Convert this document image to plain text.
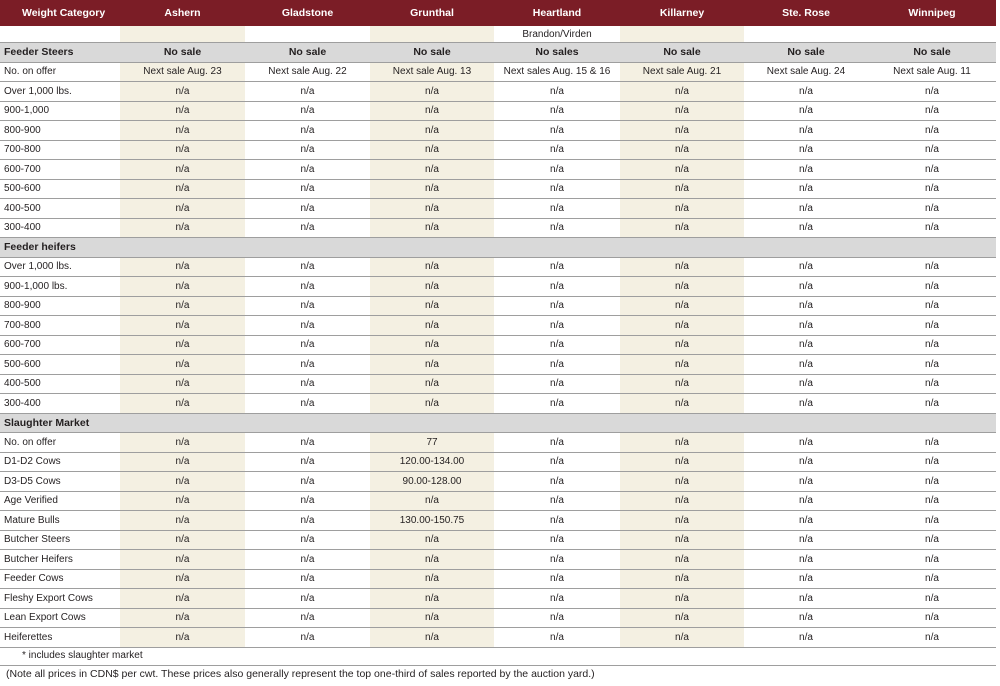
Weight Category	Ashern	Gladstone	Grunthal	Heartland	Killarney	Ste. Rose	Winnipeg
				Brandon/Virden			
Feeder Steers	No sale	No sale	No sale	No sales	No sale	No sale	No sale
No. on offer	Next sale Aug. 23	Next sale Aug. 22	Next sale Aug. 13	Next sales Aug. 15 & 16	Next sale Aug. 21	Next sale Aug. 24	Next sale Aug. 11
Over 1,000 lbs.	n/a	n/a	n/a	n/a	n/a	n/a	n/a
900-1,000	n/a	n/a	n/a	n/a	n/a	n/a	n/a
800-900	n/a	n/a	n/a	n/a	n/a	n/a	n/a
700-800	n/a	n/a	n/a	n/a	n/a	n/a	n/a
600-700	n/a	n/a	n/a	n/a	n/a	n/a	n/a
500-600	n/a	n/a	n/a	n/a	n/a	n/a	n/a
400-500	n/a	n/a	n/a	n/a	n/a	n/a	n/a
300-400	n/a	n/a	n/a	n/a	n/a	n/a	n/a
Feeder heifers							
Over 1,000 lbs.	n/a	n/a	n/a	n/a	n/a	n/a	n/a
900-1,000 lbs.	n/a	n/a	n/a	n/a	n/a	n/a	n/a
800-900	n/a	n/a	n/a	n/a	n/a	n/a	n/a
700-800	n/a	n/a	n/a	n/a	n/a	n/a	n/a
600-700	n/a	n/a	n/a	n/a	n/a	n/a	n/a
500-600	n/a	n/a	n/a	n/a	n/a	n/a	n/a
400-500	n/a	n/a	n/a	n/a	n/a	n/a	n/a
300-400	n/a	n/a	n/a	n/a	n/a	n/a	n/a
Slaughter Market							
No. on offer	n/a	n/a	77	n/a	n/a	n/a	n/a
D1-D2 Cows	n/a	n/a	120.00-134.00	n/a	n/a	n/a	n/a
D3-D5 Cows	n/a	n/a	90.00-128.00	n/a	n/a	n/a	n/a
Age Verified	n/a	n/a	n/a	n/a	n/a	n/a	n/a
Mature Bulls	n/a	n/a	130.00-150.75	n/a	n/a	n/a	n/a
Butcher Steers	n/a	n/a	n/a	n/a	n/a	n/a	n/a
Butcher Heifers	n/a	n/a	n/a	n/a	n/a	n/a	n/a
Feeder Cows	n/a	n/a	n/a	n/a	n/a	n/a	n/a
Fleshy Export Cows	n/a	n/a	n/a	n/a	n/a	n/a	n/a
Lean Export Cows	n/a	n/a	n/a	n/a	n/a	n/a	n/a
Heiferettes	n/a	n/a	n/a	n/a	n/a	n/a	n/a
* includes slaughter market
(Note all prices in CDN$ per cwt. These prices also generally represent the top one-third of sales reported by the auction yard.)
